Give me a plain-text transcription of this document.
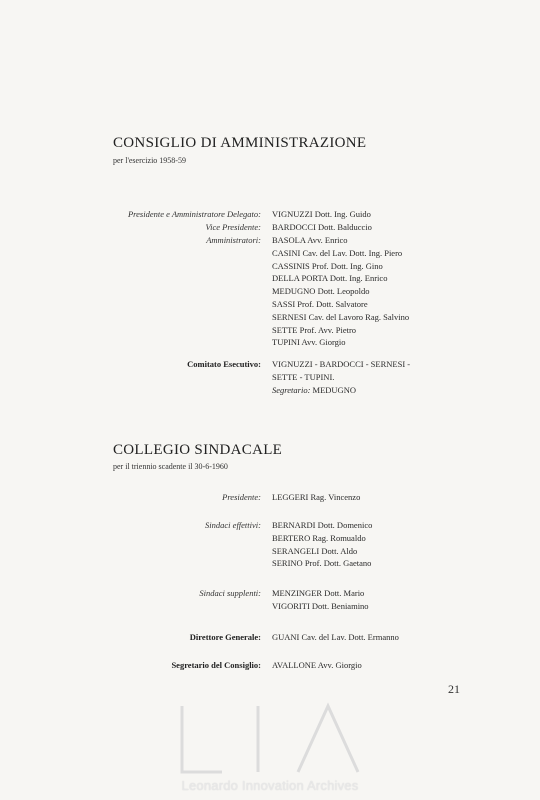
CONSIGLIO DI AMMINISTRAZIONE
per l'esercizio 1958-59
Presidente e Amministratore Delegato: VIGNUZZI Dott. Ing. Guido
Vice Presidente: BARDOCCI Dott. Balduccio
Amministratori: BASOLA Avv. Enrico
CASINI Cav. del Lav. Dott. Ing. Piero
CASSINIS Prof. Dott. Ing. Gino
DELLA PORTA Dott. Ing. Enrico
MEDUGNO Dott. Leopoldo
SASSI Prof. Dott. Salvatore
SERNESI Cav. del Lavoro Rag. Salvino
SETTE Prof. Avv. Pietro
TUPINI Avv. Giorgio
Comitato Esecutivo: VIGNUZZI - BARDOCCI - SERNESI -
SETTE - TUPINI.
Segretario: MEDUGNO
COLLEGIO SINDACALE
per il triennio scadente il 30-6-1960
Presidente: LEGGERI Rag. Vincenzo
Sindaci effettivi: BERNARDI Dott. Domenico
BERTERO Rag. Romualdo
SERANGELI Dott. Aldo
SERINO Prof. Dott. Gaetano
Sindaci supplenti: MENZINGER Dott. Mario
VIGORITI Dott. Beniamino
Direttore Generale: GUANI Cav. del Lav. Dott. Ermanno
Segretario del Consiglio: AVALLONE Avv. Giorgio
21
Leonardo Innovation Archives
